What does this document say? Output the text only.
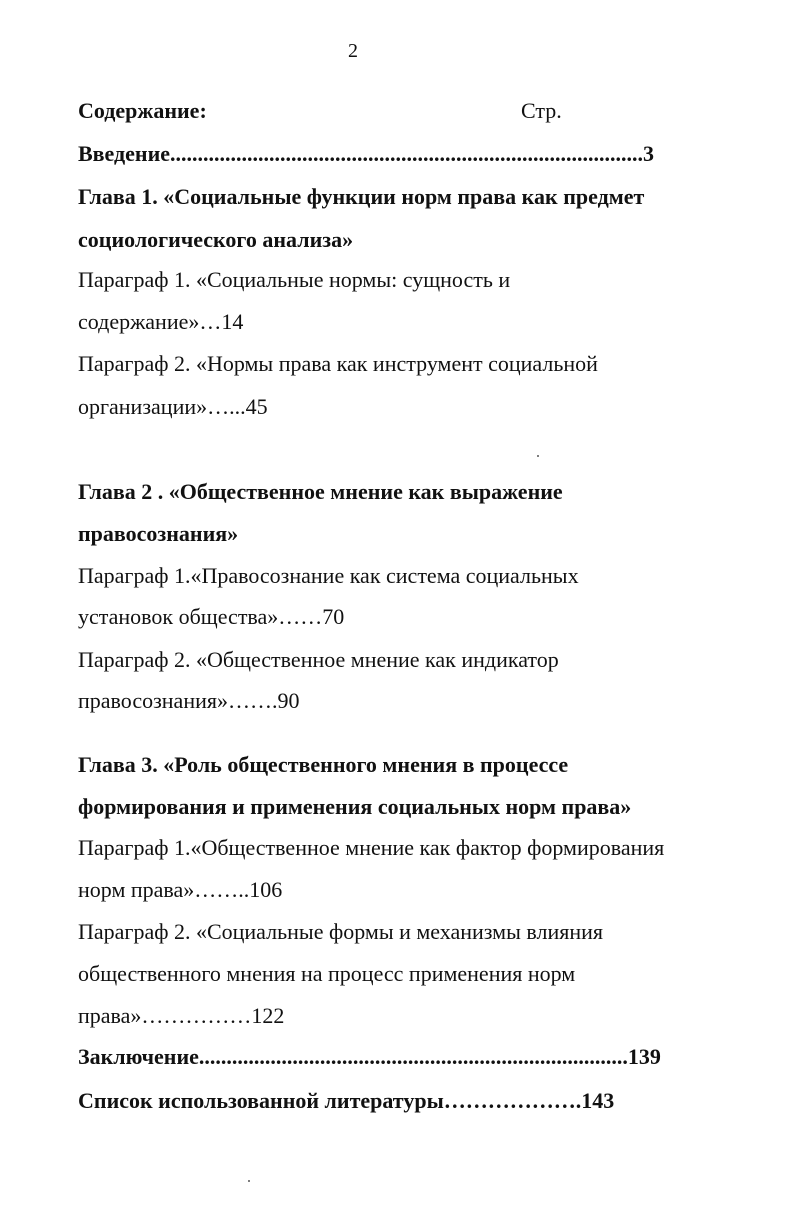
2
Содержание:	Стр.
Введение......................................................................................3
Глава 1. «Социальные функции норм права как предмет
социологического анализа»
Параграф 1. «Социальные нормы: сущность и
содержание»…14
Параграф 2. «Нормы права как инструмент социальной
организации»…...45
Глава 2 . «Общественное мнение как выражение
правосознания»
Параграф 1.«Правосознание как система социальных
установок общества»……70
Параграф 2. «Общественное мнение как индикатор
правосознания»…….90
Глава 3. «Роль общественного мнения в процессе
формирования и применения социальных норм права»
Параграф 1.«Общественное мнение как фактор формирования
норм права»……..106
Параграф 2. «Социальные формы и механизмы влияния
общественного мнения на процесс применения норм
права»……………122
Заключение..............................................................................139
Список использованной литературы……………….143
